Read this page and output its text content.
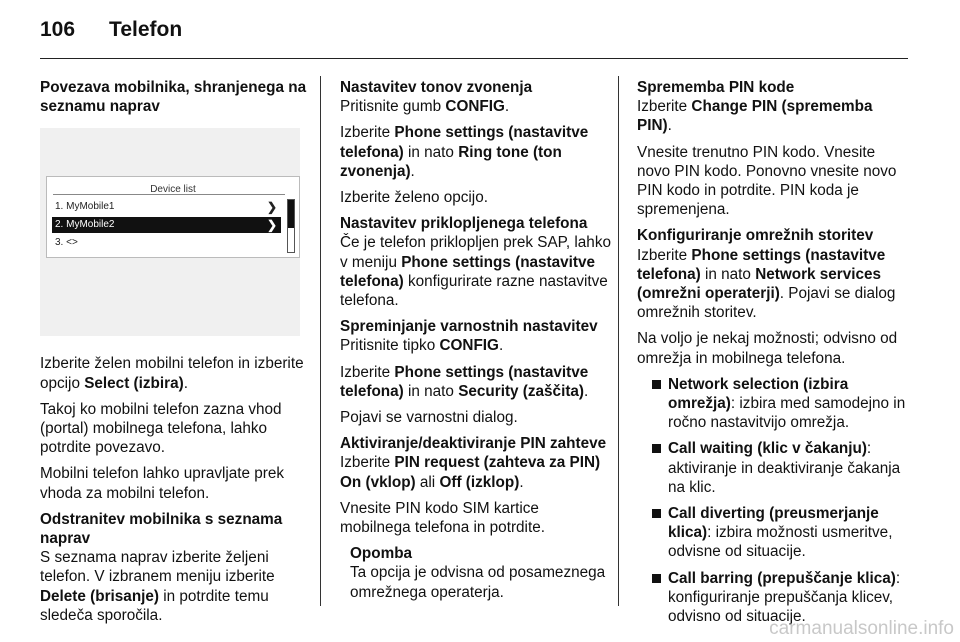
106 Telefon
Povezava mobilnika, shranjenega na seznamu naprav
Device list
1. MyMobile1	❯
2. MyMobile2	❯
3. <>

Izberite želen mobilni telefon in izberite opcijo Select (izbira).

Takoj ko mobilni telefon zazna vhod (portal) mobilnega telefona, lahko potrdite povezavo.

Mobilni telefon lahko upravljate prek vhoda za mobilni telefon.

Odstranitev mobilnika s seznama naprav

S seznama naprav izberite željeni telefon. V izbranem meniju izberite Delete (brisanje) in potrdite temu sledeča sporočila.

Nastavitev tonov zvonenja

Pritisnite gumb CONFIG.

Izberite Phone settings (nastavitve telefona) in nato Ring tone (ton zvonenja).

Izberite želeno opcijo.

Nastavitev priklopljenega telefona

Če je telefon priklopljen prek SAP, lahko v meniju Phone settings (nastavitve telefona) konfigurirate razne nastavitve telefona.

Spreminjanje varnostnih nastavitev

Pritisnite tipko CONFIG.

Izberite Phone settings (nastavitve telefona) in nato Security (zaščita).

Pojavi se varnostni dialog.

Aktiviranje/deaktiviranje PIN zahteve

Izberite PIN request (zahteva za PIN) On (vklop) ali Off (izklop).

Vnesite PIN kodo SIM kartice mobilnega telefona in potrdite.

Opomba
Ta opcija je odvisna od posameznega omrežnega operaterja.
Sprememba PIN kode

Izberite Change PIN (sprememba PIN).

Vnesite trenutno PIN kodo. Vnesite novo PIN kodo. Ponovno vnesite novo PIN kodo in potrdite. PIN koda je spremenjena.

Konfiguriranje omrežnih storitev

Izberite Phone settings (nastavitve telefona) in nato Network services (omrežni operaterji). Pojavi se dialog omrežnih storitev.

Na voljo je nekaj možnosti; odvisno od omrežja in mobilnega telefona.

Network selection (izbira omrežja): izbira med samodejno in ročno nastavitvijo omrežja.
Call waiting (klic v čakanju): aktiviranje in deaktiviranje čakanja na klic.
Call diverting (preusmerjanje klica): izbira možnosti usmeritve, odvisne od situacije.
Call barring (prepuščanje klica): konfiguriranje prepuščanja klicev, odvisno od situacije.
carmanualsonline.info
